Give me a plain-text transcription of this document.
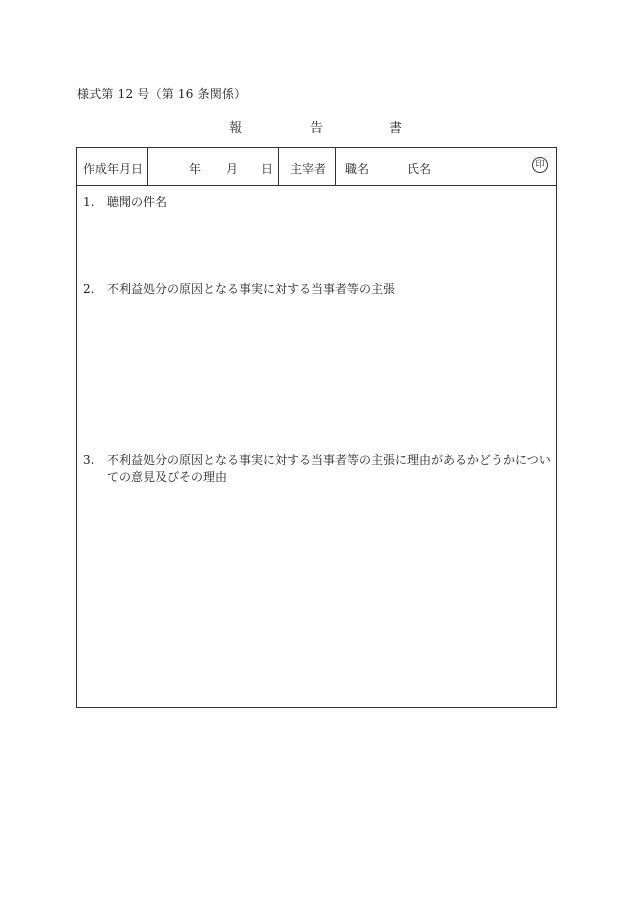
様式第 12 号（第 16 条関係）
報	告	書
作成年月日	年 月 日 主宰者 職名	氏名	印
1. 聴聞の件名
2. 不利益処分の原因となる事実に対する当事者等の主張
3. 不利益処分の原因となる事実に対する当事者等の主張に理由があるかどうかについての意見及びその理由
